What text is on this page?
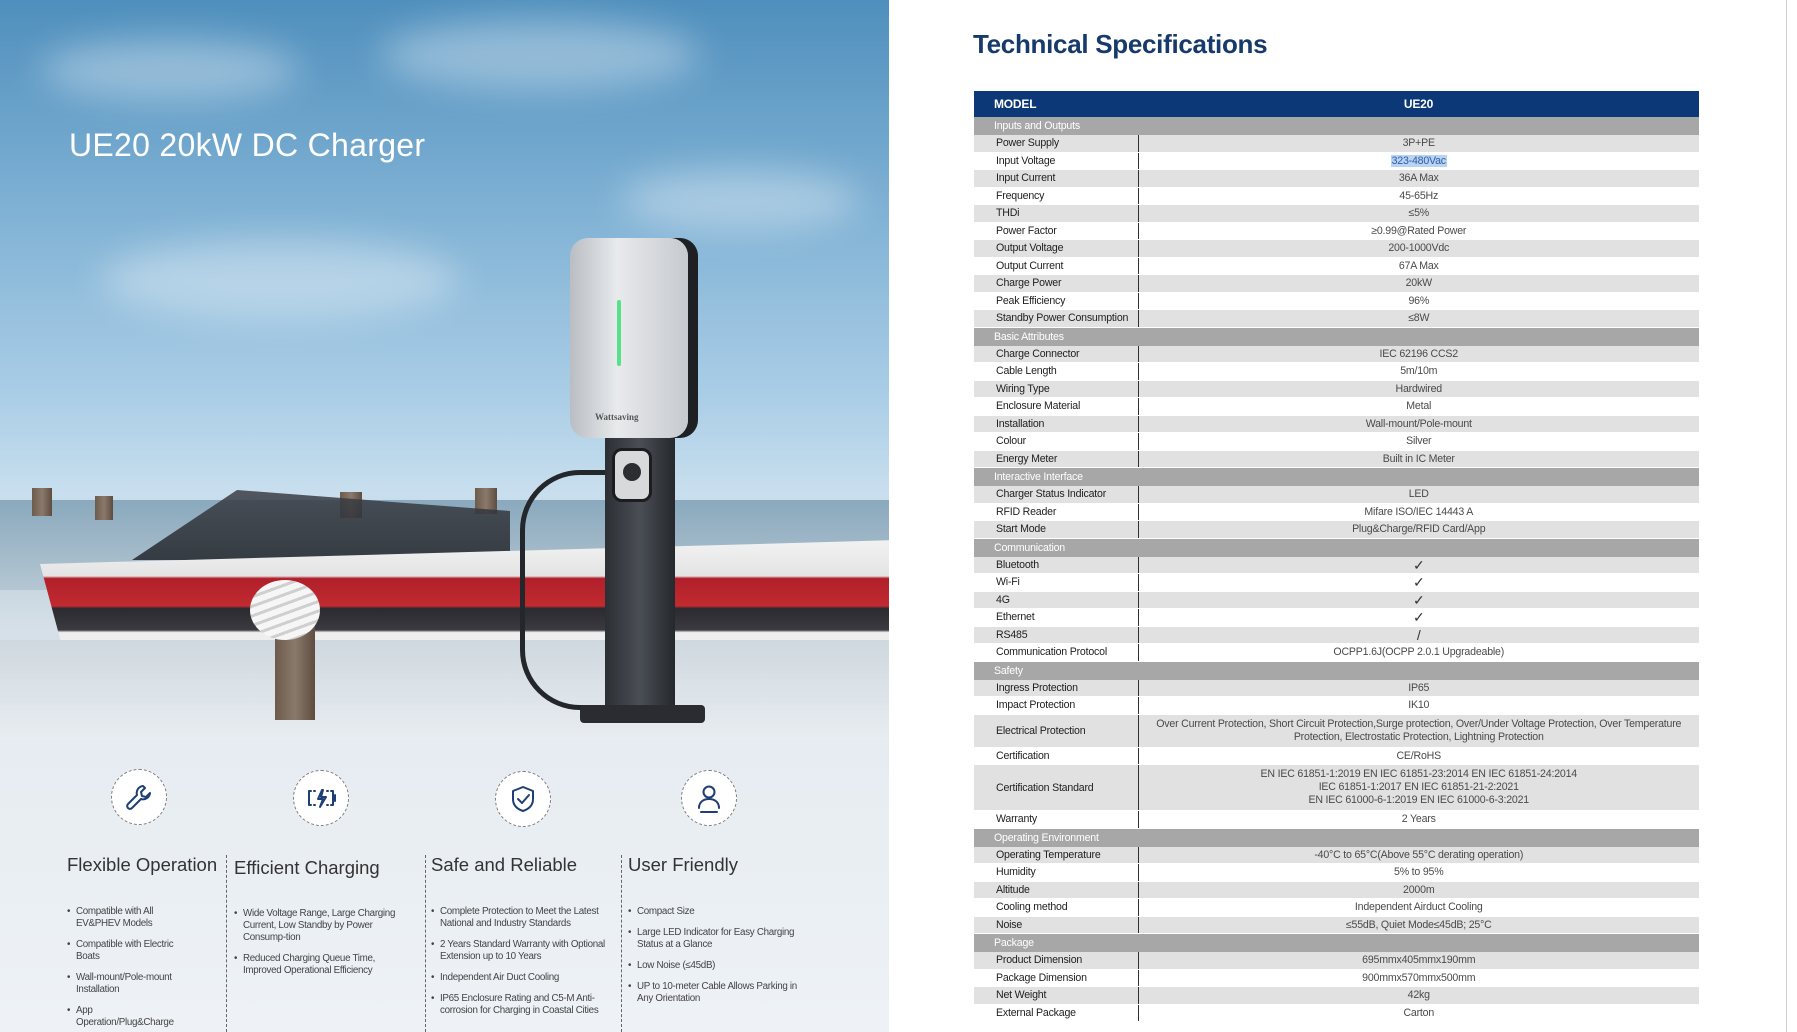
Wattsaving
UE20 20kW DC Charger
Flexible Operation Efficient Charging	Safe and Reliable	User Friendly
• Compatible with All EV&PHEV Models
• Compatible with Electric Boats
• Wall-mount/Pole-mount Installation
• App Operation/Plug&Charge
• Wide Voltage Range, Large Charging Current, Low Standby by Power Consump-tion
• Reduced Charging Queue Time, Improved Operational Efficiency
• Complete Protection to Meet the Latest National and Industry Standards
• 2 Years Standard Warranty with Optional Extension up to 10 Years
• Independent Air Duct Cooling
• IP65 Enclosure Rating and C5-M Anti-corrosion for Charging in Coastal Cities
• Compact Size
• Large LED Indicator for Easy Charging Status at a Glance
• Low Noise (≤45dB)
• UP to 10-meter Cable Allows Parking in Any Orientation
Technical Specifications
MODEL	UE20
Inputs and Outputs	
Power Supply	3P+PE
Input Voltage	323-480Vac
Input Current	36A Max
Frequency	45-65Hz
THDi	≤5%
Power Factor	≥0.99@Rated Power
Output Voltage	200-1000Vdc
Output Current	67A Max
Charge Power	20kW
Peak Efficiency	96%
Standby Power Consumption	≤8W
Basic Attributes	
Charge Connector	IEC 62196 CCS2
Cable Length	5m/10m
Wiring Type	Hardwired
Enclosure Material	Metal
Installation	Wall-mount/Pole-mount
Colour	Silver
Energy Meter	Built in IC Meter
Interactive Interface	
Charger Status Indicator	LED
RFID Reader	Mifare ISO/IEC 14443 A
Start Mode	Plug&Charge/RFID Card/App
Communication	
Bluetooth	✓
Wi-Fi	✓
4G	✓
Ethernet	✓
RS485	/
Communication Protocol	OCPP1.6J(OCPP 2.0.1 Upgradeable)
Safety	
Ingress Protection	IP65
Impact Protection	IK10
Electrical Protection	Over Current Protection, Short Circuit Protection,Surge protection, Over/Under Voltage Protection, Over Temperature
Protection, Electrostatic Protection, Lightning Protection
Certification	CE/RoHS
Certification Standard	EN IEC 61851-1:2019 EN IEC 61851-23:2014 EN IEC 61851-24:2014
IEC 61851-1:2017 EN IEC 61851-21-2:2021
EN IEC 61000-6-1:2019 EN IEC 61000-6-3:2021
Warranty	2 Years
Operating Environment	
Operating Temperature	-40°C to 65°C(Above 55°C derating operation)
Humidity	5% to 95%
Altitude	2000m
Cooling method	Independent Airduct Cooling
Noise	≤55dB, Quiet Mode≤45dB; 25°C
Package	
Product Dimension	695mmx405mmx190mm
Package Dimension	900mmx570mmx500mm
Net Weight	42kg
External Package	Carton
